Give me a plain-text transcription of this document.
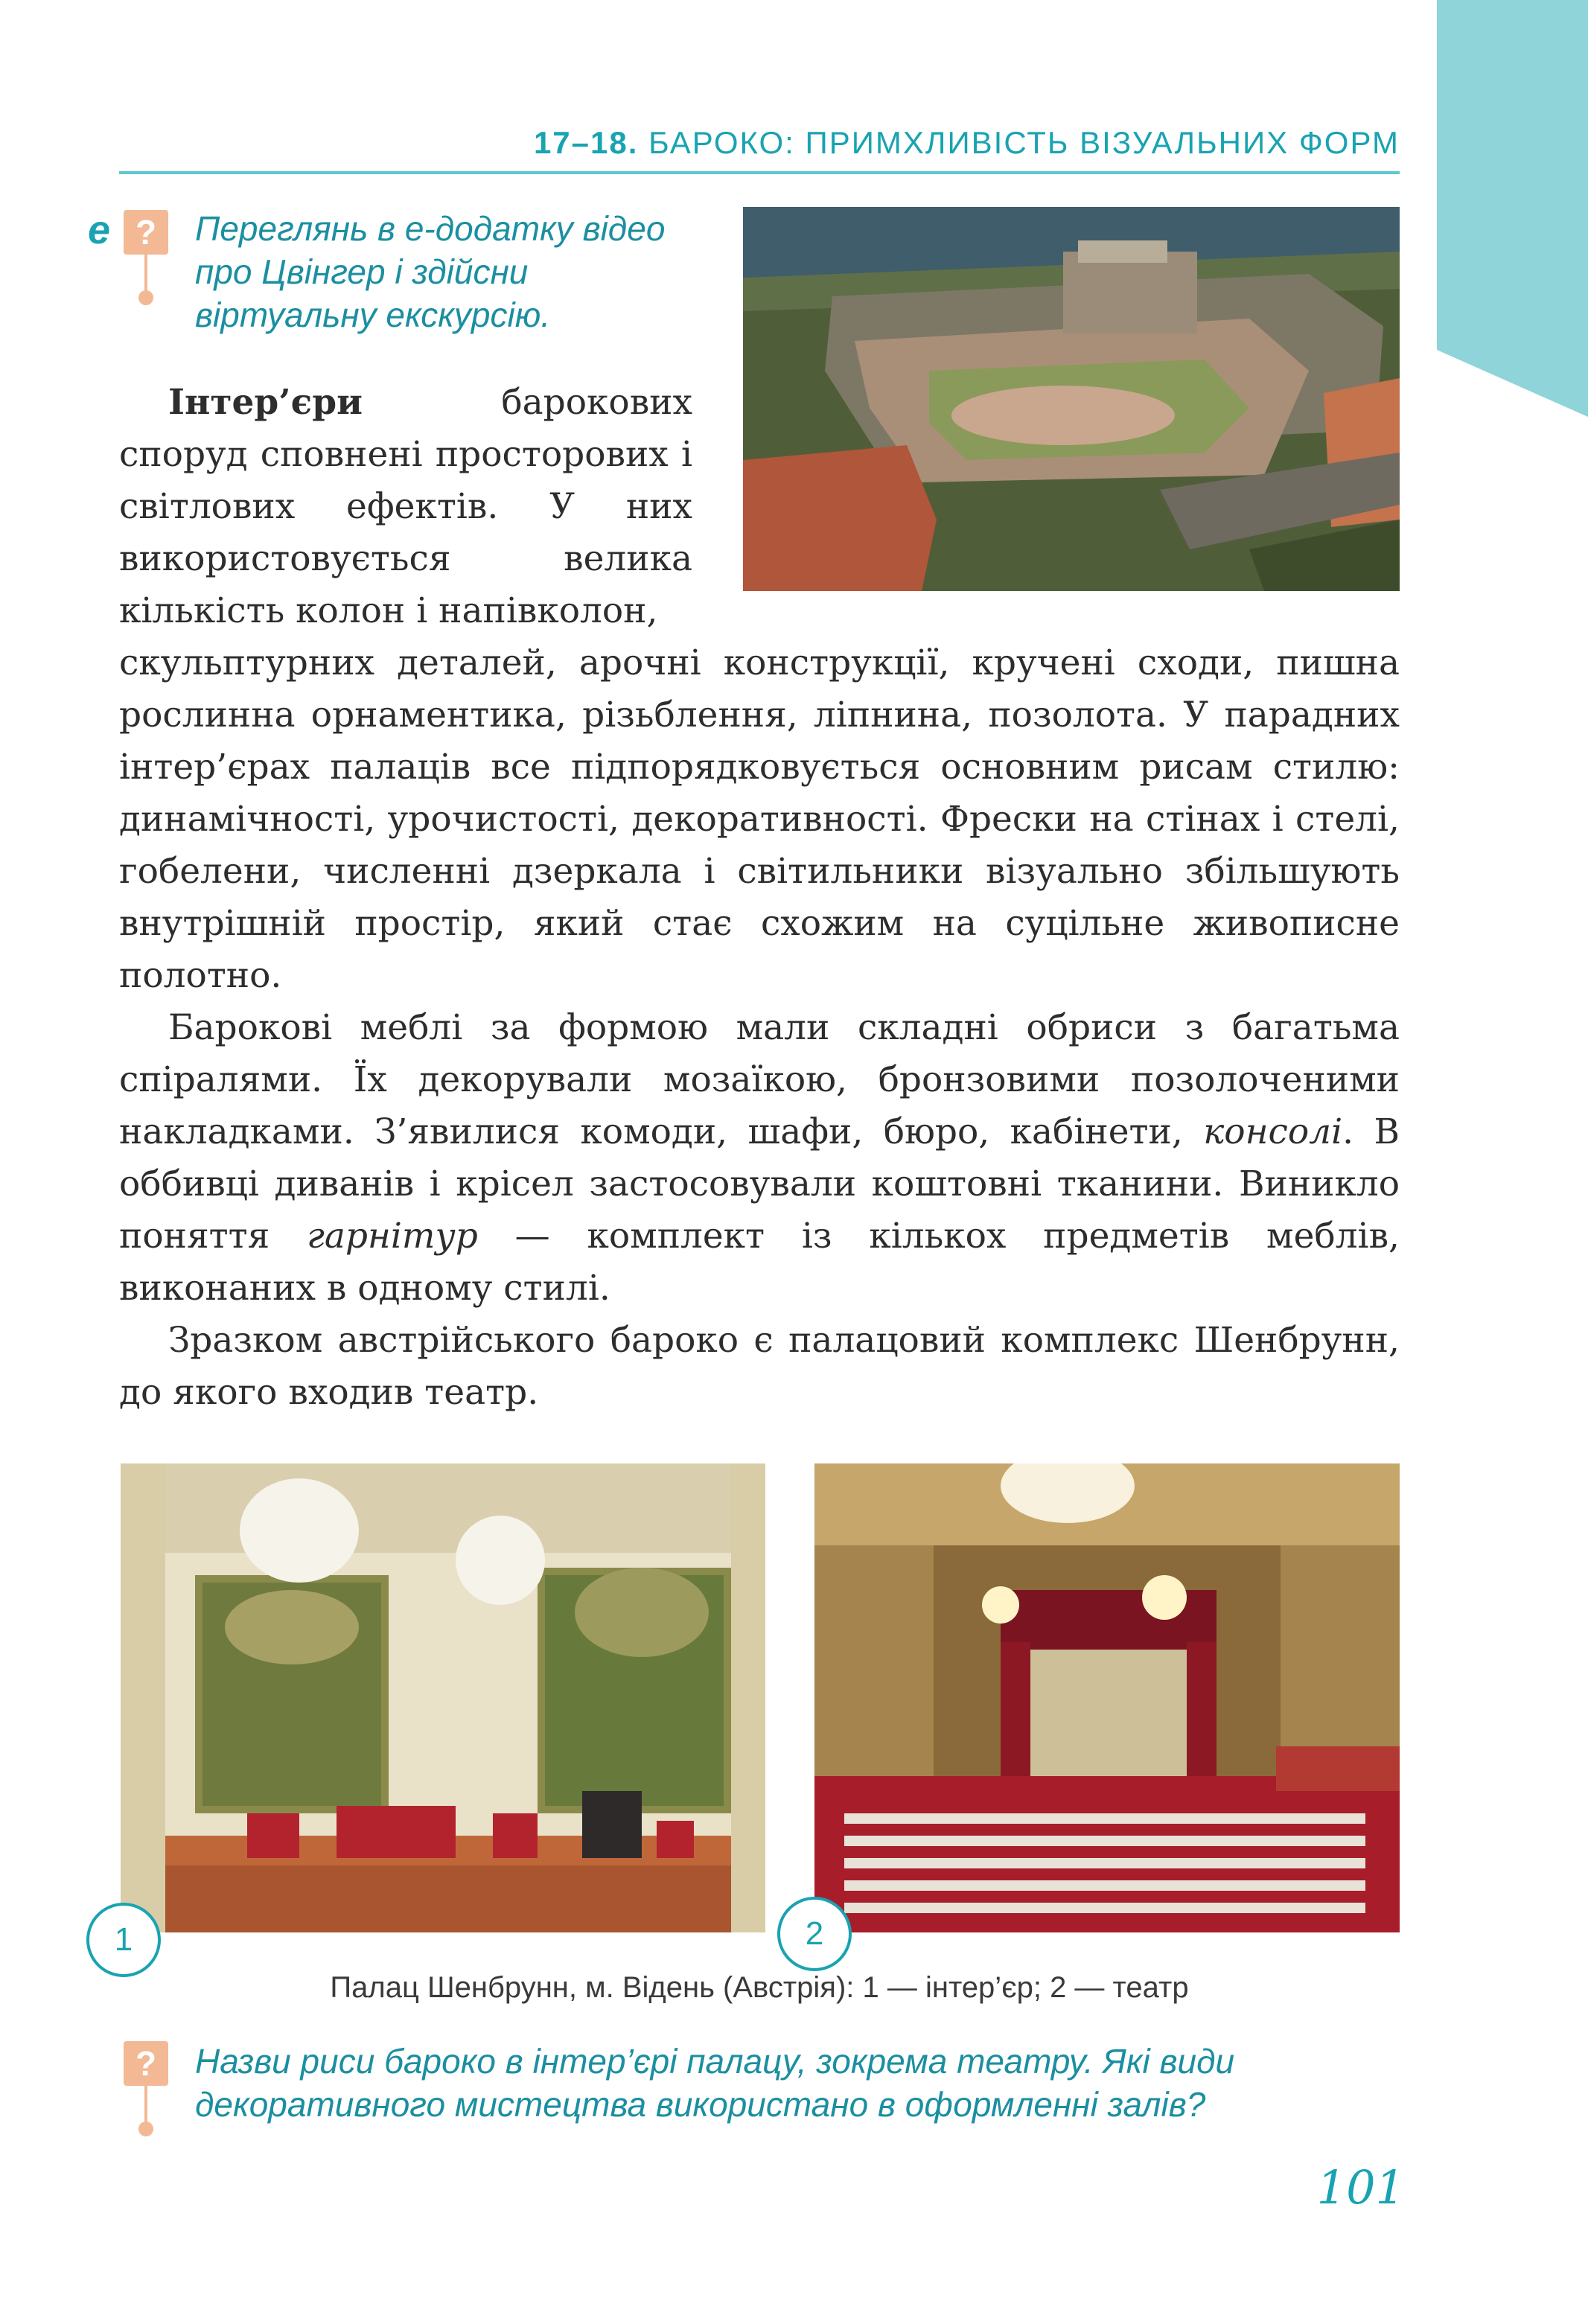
17–18. БАРОКО: ПРИМХЛИВІСТЬ ВІЗУАЛЬНИХ ФОРМ
e ?	Переглянь в е-додатку відео про Цвінгер і здійсни віртуальну екскурсію.
Інтер’єри барокових споруд сповнені просторових і світлових ефектів. У них використовується велика кількість колон і напівколон,
скульптурних деталей, арочні конструкції, кручені сходи, пишна рослинна орнаментика, різьблення, ліпнина, позолота. У парадних інтер’єрах палаців все підпорядковується основним рисам стилю: динамічності, урочистості, декоративності. Фрески на стінах і стелі, гобелени, численні дзеркала і світильники візуально збільшують внутрішній простір, який стає схожим на суцільне живописне полотно.
Барокові меблі за формою мали складні обриси з багатьма спіралями. Їх декорували мозаїкою, бронзовими позолоченими накладками. З’явилися комоди, шафи, бюро, кабінети, консолі. В оббивці диванів і крісел застосовували коштовні тканини. Виникло поняття гарнітур — комплект із кількох предметів меблів, виконаних в одному стилі.
Зразком австрійського бароко є палацовий комплекс Шенбрунн, до якого входив театр.
1	2
Палац Шенбрунн, м. Відень (Австрія): 1 — інтер’єр; 2 — театр
?	Назви риси бароко в інтер’єрі палацу, зокрема театру. Які види декоративного мистецтва використано в оформленні залів?
101
